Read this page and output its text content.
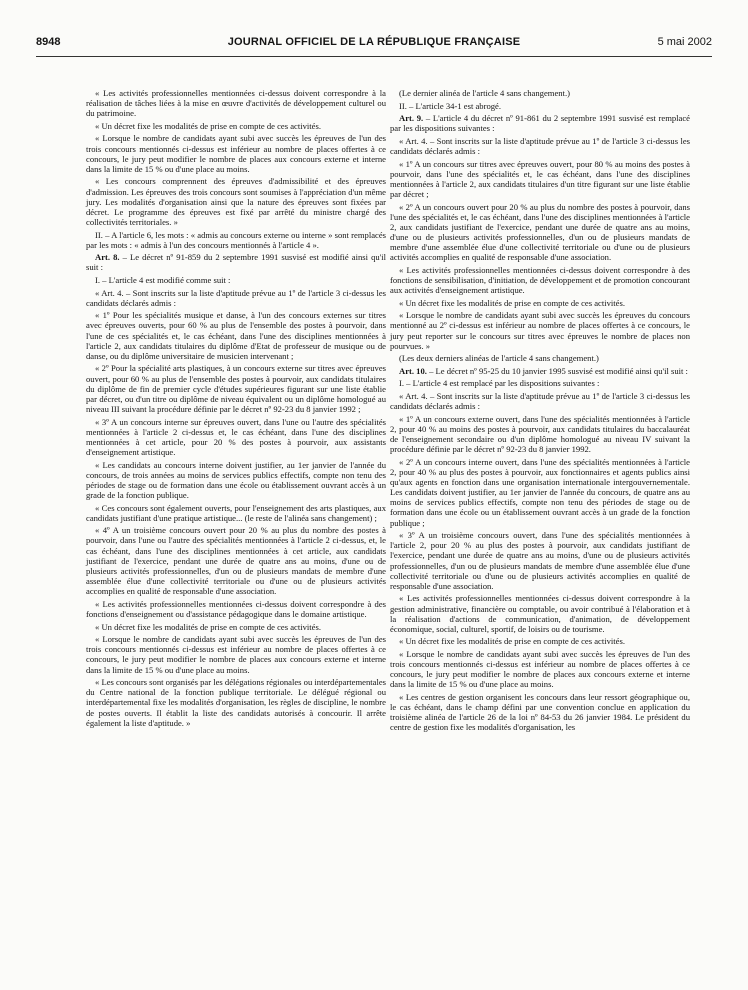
8948	JOURNAL OFFICIEL DE LA RÉPUBLIQUE FRANÇAISE	5 mai 2002

« Les activités professionnelles mentionnées ci-dessus doivent correspondre à la réalisation de tâches liées à la mise en œuvre d'activités de développement culturel ou du patrimoine.

« Un décret fixe les modalités de prise en compte de ces activités.

« Lorsque le nombre de candidats ayant subi avec succès les épreuves de l'un des trois concours mentionnés ci-dessus est inférieur au nombre de places offertes à ce concours, le jury peut modifier le nombre de places aux concours externe et interne dans la limite de 15 % ou d'une place au moins.

« Les concours comprennent des épreuves d'admissibilité et des épreuves d'admission. Les épreuves des trois concours sont soumises à l'appréciation d'un même jury. Les modalités d'organisation ainsi que la nature des épreuves sont fixées par décret. Le programme des épreuves est fixé par arrêté du ministre chargé des collectivités territoriales. »

II. – A l'article 6, les mots : « admis au concours externe ou interne » sont remplacés par les mots : « admis à l'un des concours mentionnés à l'article 4 ».

Art. 8. – Le décret nº 91-859 du 2 septembre 1991 susvisé est modifié ainsi qu'il suit :

I. – L'article 4 est modifié comme suit :

« Art. 4. – Sont inscrits sur la liste d'aptitude prévue au 1º de l'article 3 ci-dessus les candidats déclarés admis :

« 1º Pour les spécialités musique et danse, à l'un des concours externes sur titres avec épreuves ouverts, pour 60 % au plus de l'ensemble des postes à pourvoir, dans l'une de ces spécialités et, le cas échéant, dans l'une des disciplines mentionnées à l'article 2, aux candidats titulaires du diplôme d'Etat de professeur de musique ou de danse, ou du diplôme universitaire de musicien intervenant ;

« 2º Pour la spécialité arts plastiques, à un concours externe sur titres avec épreuves ouvert, pour 60 % au plus de l'ensemble des postes à pourvoir, aux candidats titulaires du diplôme de fin de premier cycle d'études supérieures figurant sur une liste établie par décret, ou d'un titre ou diplôme de niveau équivalent ou un diplôme homologué au niveau III suivant la procédure définie par le décret nº 92-23 du 8 janvier 1992 ;

« 3º A un concours interne sur épreuves ouvert, dans l'une ou l'autre des spécialités mentionnées à l'article 2 ci-dessus et, le cas échéant, dans l'une des disciplines mentionnées à cet article, pour 20 % des postes à pourvoir, aux assistants d'enseignement artistique.

« Les candidats au concours interne doivent justifier, au 1er janvier de l'année du concours, de trois années au moins de services publics effectifs, compte non tenu des périodes de stage ou de formation dans une école ou établissement ouvrant accès à un grade de la fonction publique.

« Ces concours sont également ouverts, pour l'enseignement des arts plastiques, aux candidats justifiant d'une pratique artistique... (le reste de l'alinéa sans changement) ;

« 4º A un troisième concours ouvert pour 20 % au plus du nombre des postes à pourvoir, dans l'une ou l'autre des spécialités mentionnées à l'article 2 ci-dessus, et, le cas échéant, dans l'une des disciplines mentionnées à cet article, aux candidats justifiant de l'exercice, pendant une durée de quatre ans au moins, d'une ou de plusieurs activités professionnelles, d'un ou de plusieurs mandats de membre d'une assemblée élue d'une collectivité territoriale ou d'une ou de plusieurs activités accomplies en qualité de responsable d'une association.

« Les activités professionnelles mentionnées ci-dessus doivent correspondre à des fonctions d'enseignement ou d'assistance pédagogique dans le domaine artistique.

« Un décret fixe les modalités de prise en compte de ces activités.

« Lorsque le nombre de candidats ayant subi avec succès les épreuves de l'un des trois concours mentionnés ci-dessus est inférieur au nombre de places offertes à ce concours, le jury peut modifier le nombre de places aux concours externe et interne dans la limite de 15 % ou d'une place au moins.

« Les concours sont organisés par les délégations régionales ou interdépartementales du Centre national de la fonction publique territoriale. Le délégué régional ou interdépartemental fixe les modalités d'organisation, les règles de discipline, le nombre de postes ouverts. Il établit la liste des candidats autorisés à concourir. Il arrête également la liste d'aptitude. »

(Le dernier alinéa de l'article 4 sans changement.)

II. – L'article 34-1 est abrogé.

Art. 9. – L'article 4 du décret nº 91-861 du 2 septembre 1991 susvisé est remplacé par les dispositions suivantes :

« Art. 4. – Sont inscrits sur la liste d'aptitude prévue au 1º de l'article 3 ci-dessus les candidats déclarés admis :

« 1º A un concours sur titres avec épreuves ouvert, pour 80 % au moins des postes à pourvoir, dans l'une des spécialités et, le cas échéant, dans l'une des disciplines mentionnées à l'article 2, aux candidats titulaires d'un titre figurant sur une liste établie par décret ;

« 2º A un concours ouvert pour 20 % au plus du nombre des postes à pourvoir, dans l'une des spécialités et, le cas échéant, dans l'une des disciplines mentionnées à l'article 2, aux candidats justifiant de l'exercice, pendant une durée de quatre ans au moins, d'une ou de plusieurs activités professionnelles, d'un ou de plusieurs mandats de membre d'une assemblée élue d'une collectivité territoriale ou d'une ou de plusieurs activités accomplies en qualité de responsable d'une association.

« Les activités professionnelles mentionnées ci-dessus doivent correspondre à des fonctions de sensibilisation, d'initiation, de développement et de promotion concourant aux activités d'enseignement artistique.

« Un décret fixe les modalités de prise en compte de ces activités.

« Lorsque le nombre de candidats ayant subi avec succès les épreuves du concours mentionné au 2º ci-dessus est inférieur au nombre de places offertes à ce concours, le jury peut reporter sur le concours sur titres avec épreuves le nombre de places non pourvues. »

(Les deux derniers alinéas de l'article 4 sans changement.)

Art. 10. – Le décret nº 95-25 du 10 janvier 1995 susvisé est modifié ainsi qu'il suit :

I. – L'article 4 est remplacé par les dispositions suivantes :

« Art. 4. – Sont inscrits sur la liste d'aptitude prévue au 1º de l'article 3 ci-dessus les candidats déclarés admis :

« 1º A un concours externe ouvert, dans l'une des spécialités mentionnées à l'article 2, pour 40 % au moins des postes à pourvoir, aux candidats titulaires du baccalauréat de l'enseignement secondaire ou d'un diplôme homologué au niveau IV suivant la procédure définie par le décret nº 92-23 du 8 janvier 1992.

« 2º A un concours interne ouvert, dans l'une des spécialités mentionnées à l'article 2, pour 40 % au plus des postes à pourvoir, aux fonctionnaires et agents publics ainsi qu'aux agents en fonction dans une organisation internationale intergouvernementale. Les candidats doivent justifier, au 1er janvier de l'année du concours, de quatre ans au moins de services publics effectifs, compte non tenu des périodes de stage ou de formation dans une école ou un établissement ouvrant accès à un grade de la fonction publique ;

« 3º A un troisième concours ouvert, dans l'une des spécialités mentionnées à l'article 2, pour 20 % au plus des postes à pourvoir, aux candidats justifiant de l'exercice, pendant une durée de quatre ans au moins, d'une ou de plusieurs activités professionnelles, d'un ou de plusieurs mandats de membre d'une assemblée élue d'une collectivité territoriale ou d'une ou de plusieurs activités accomplies en qualité de responsable d'une association.

« Les activités professionnelles mentionnées ci-dessus doivent correspondre à la gestion administrative, financière ou comptable, ou avoir contribué à l'élaboration et à la réalisation d'actions de communication, d'animation, de développement économique, social, culturel, sportif, de loisirs ou de tourisme.

« Un décret fixe les modalités de prise en compte de ces activités.

« Lorsque le nombre de candidats ayant subi avec succès les épreuves de l'un des trois concours mentionnés ci-dessus est inférieur au nombre de places offertes à ce concours, le jury peut modifier le nombre de places aux concours externe et interne dans la limite de 15 % ou d'une place au moins.

« Les centres de gestion organisent les concours dans leur ressort géographique ou, le cas échéant, dans le champ défini par une convention conclue en application du troisième alinéa de l'article 26 de la loi nº 84-53 du 26 janvier 1984. Le président du centre de gestion fixe les modalités d'organisation, les
